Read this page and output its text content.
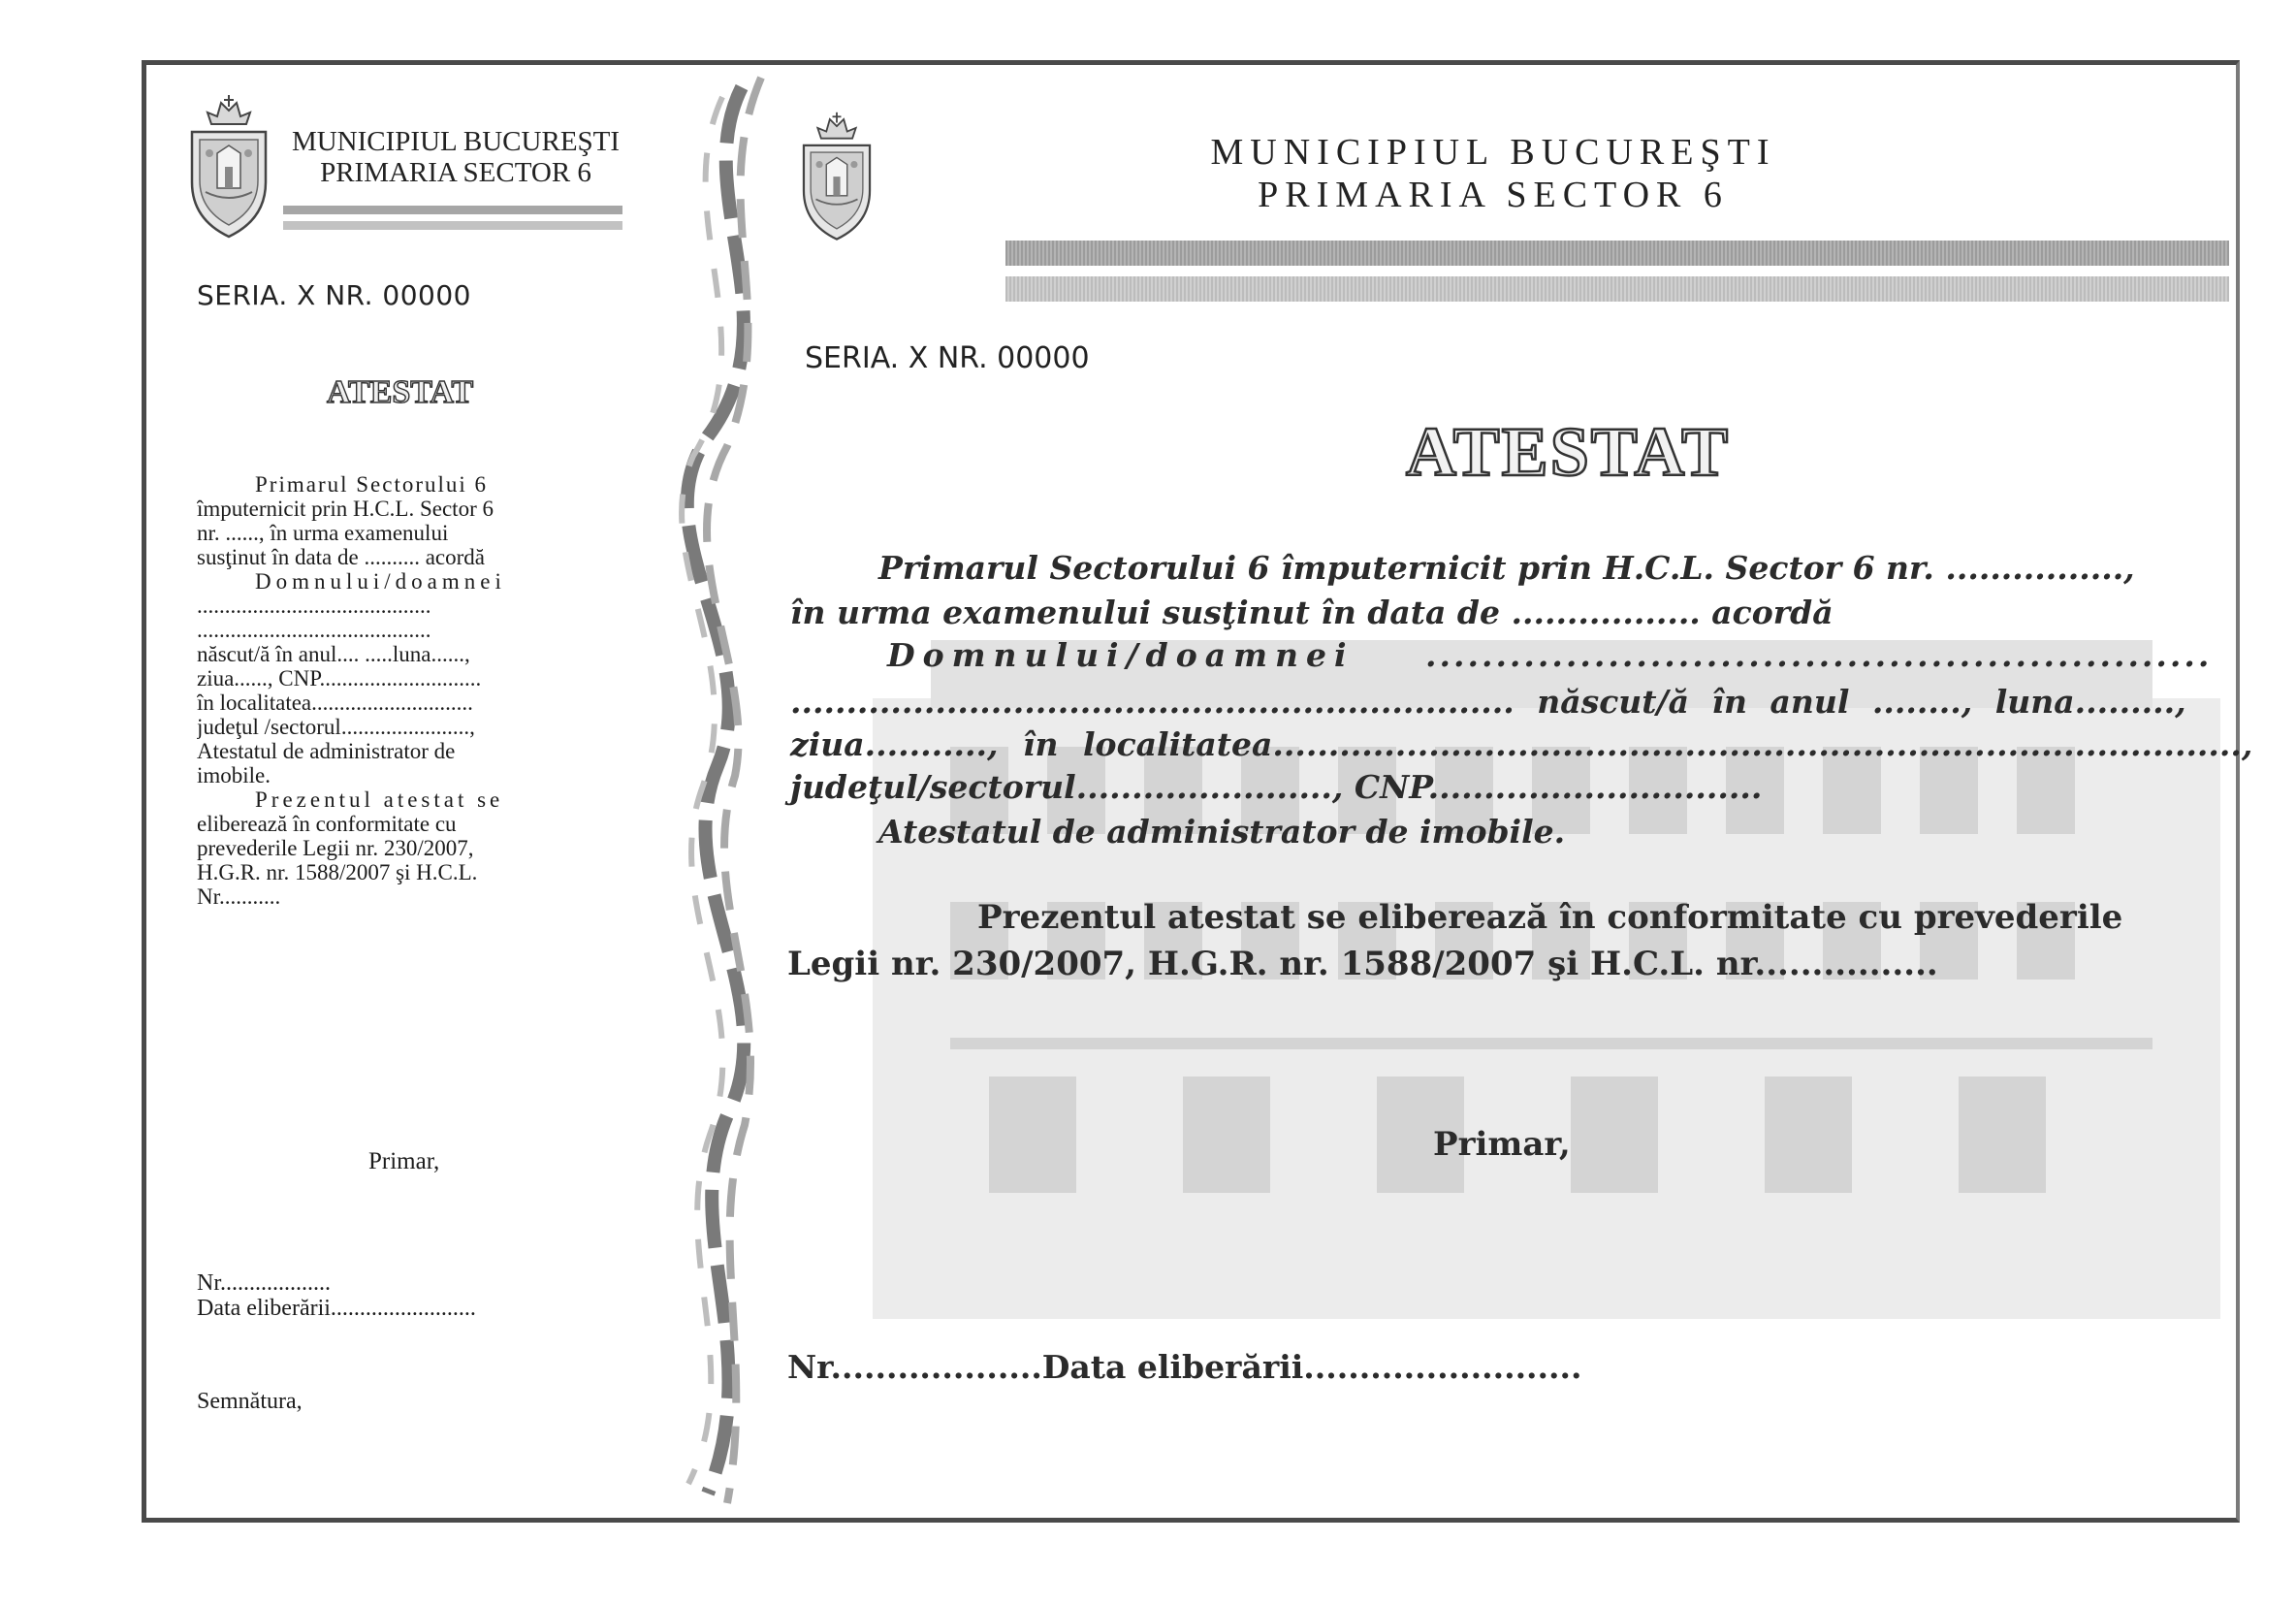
MUNICIPIUL BUCUREŞTI
PRIMARIA SECTOR 6
SERIA. X NR. 00000
ATESTAT
Primarul Sectorului 6
împuternicit prin H.C.L. Sector 6
nr. ......, în urma examenului
susţinut în data de .......... acordă
Domnului/doamnei
..........................................
..........................................
născut/ă în anul.... .....luna......,
ziua......, CNP.............................
în localitatea.............................
judeţul /sectorul.......................,
Atestatul de administrator de
imobile.
Prezentul atestat se
eliberează în conformitate cu
prevederile Legii nr. 230/2007,
H.G.R. nr. 1588/2007 şi H.C.L.
Nr...........
Primar,
Nr...................
Data eliberării.........................
Semnătura,
MUNICIPIUL BUCUREŞTI
PRIMARIA SECTOR 6
SERIA. X NR. 00000
ATESTAT
Primarul Sectorului 6 împuternicit prin H.C.L. Sector 6 nr. ................,
în urma examenului susţinut în data de ................. acordă
Domnului/doamnei ........................................................
................................................................. născut/ă în anul ........, luna.........,
ziua..........., în localitatea.......................................................................................,
judeţul/sectorul......................., CNP..............................
Atestatul de administrator de imobile.
Prezentul atestat se eliberează în conformitate cu prevederile
Legii nr. 230/2007, H.G.R. nr. 1588/2007 şi H.C.L. nr................
Primar,
Nr...................Data eliberării.........................
